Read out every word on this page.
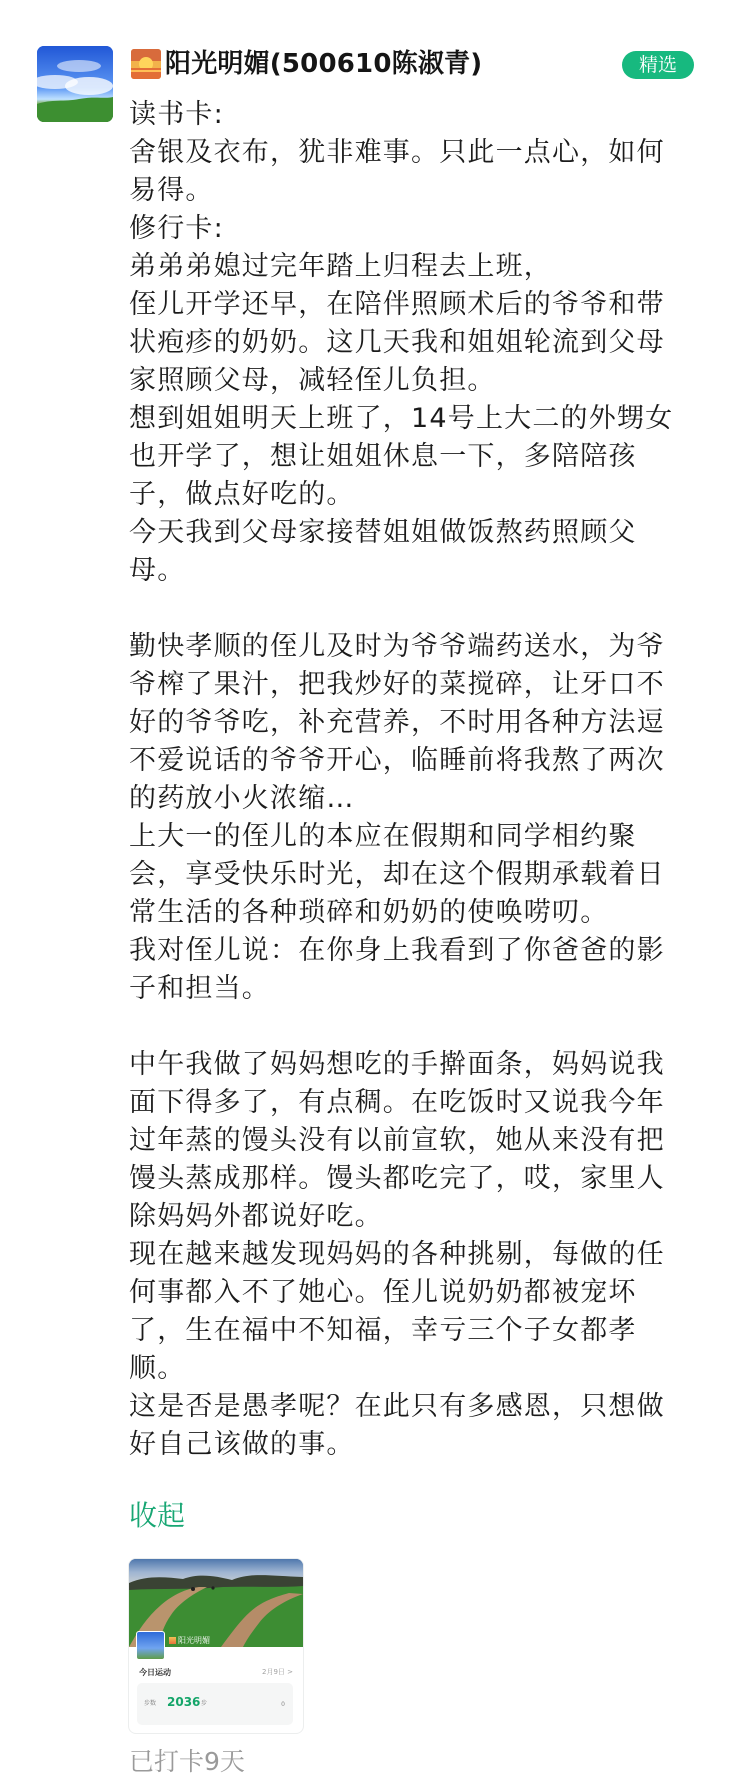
阳光明媚(500610陈淑青)	精选
读书卡:
舍银及衣布，犹非难事。只此一点心，如何
易得。
修行卡:
弟弟弟媳过完年踏上归程去上班，
侄儿开学还早，在陪伴照顾术后的爷爷和带
状疱疹的奶奶。这几天我和姐姐轮流到父母
家照顾父母，减轻侄儿负担。
想到姐姐明天上班了，14号上大二的外甥女
也开学了，想让姐姐休息一下，多陪陪孩
子，做点好吃的。
今天我到父母家接替姐姐做饭熬药照顾父
母。
勤快孝顺的侄儿及时为爷爷端药送水，为爷
爷榨了果汁，把我炒好的菜搅碎，让牙口不
好的爷爷吃，补充营养，不时用各种方法逗
不爱说话的爷爷开心，临睡前将我熬了两次
的药放小火浓缩…
上大一的侄儿的本应在假期和同学相约聚
会，享受快乐时光，却在这个假期承载着日
常生活的各种琐碎和奶奶的使唤唠叨。
我对侄儿说：在你身上我看到了你爸爸的影
子和担当。
中午我做了妈妈想吃的手擀面条，妈妈说我
面下得多了，有点稠。在吃饭时又说我今年
过年蒸的馒头没有以前宣软，她从来没有把
馒头蒸成那样。馒头都吃完了，哎，家里人
除妈妈外都说好吃。
现在越来越发现妈妈的各种挑剔，每做的任
何事都入不了她心。侄儿说奶奶都被宠坏
了，生在福中不知福，幸亏三个子女都孝
顺。
这是否是愚孝呢？在此只有多感恩，只想做
好自己该做的事。
收起
阳光明媚
今日运动	2月9日 >
步数 2036 步	0
已打卡9天
